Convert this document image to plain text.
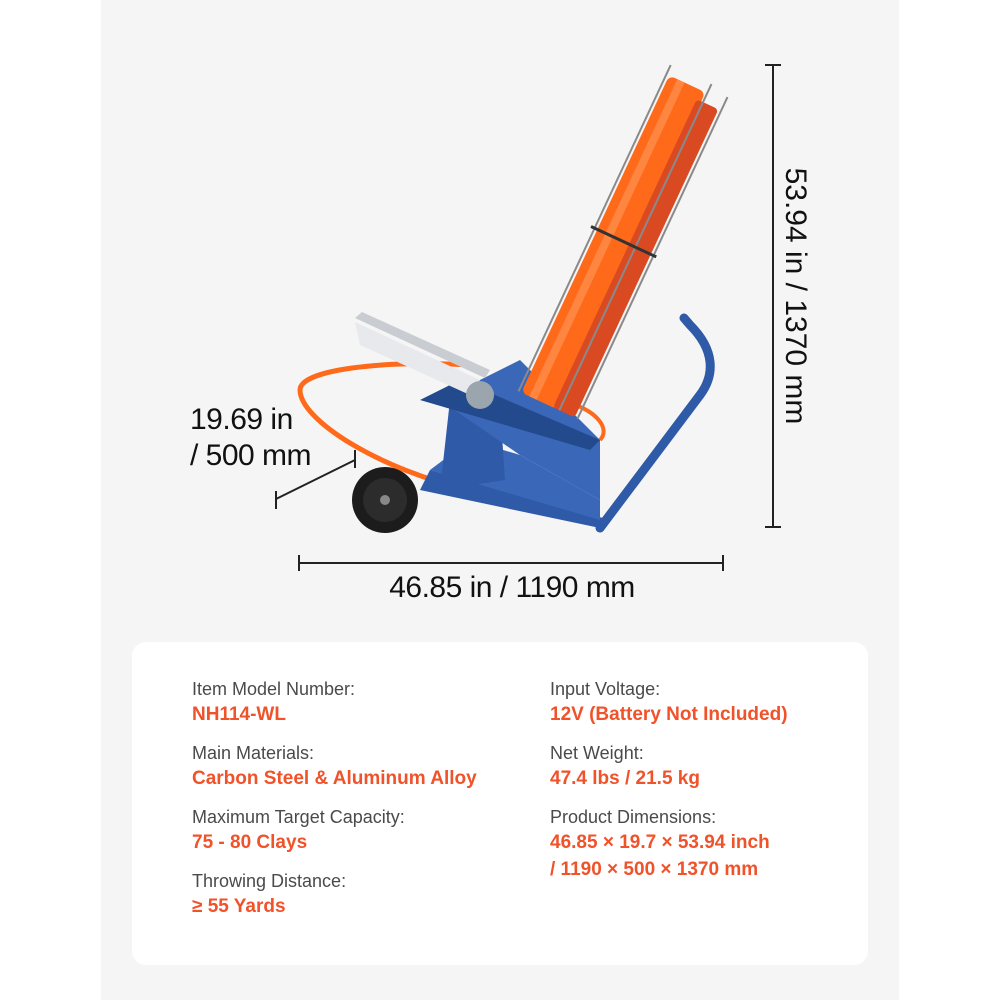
19.69 in
/ 500 mm
46.85 in / 1190 mm
53.94 in / 1370 mm
Item Model Number:
NH114-WL
Main Materials:
Carbon Steel & Aluminum Alloy
Maximum Target Capacity:
75 - 80 Clays
Throwing Distance:
≥ 55 Yards
Input Voltage:
12V (Battery Not Included)
Net Weight:
47.4 lbs / 21.5 kg
Product Dimensions:
46.85 × 19.7 × 53.94 inch
/ 1190 × 500 × 1370 mm
